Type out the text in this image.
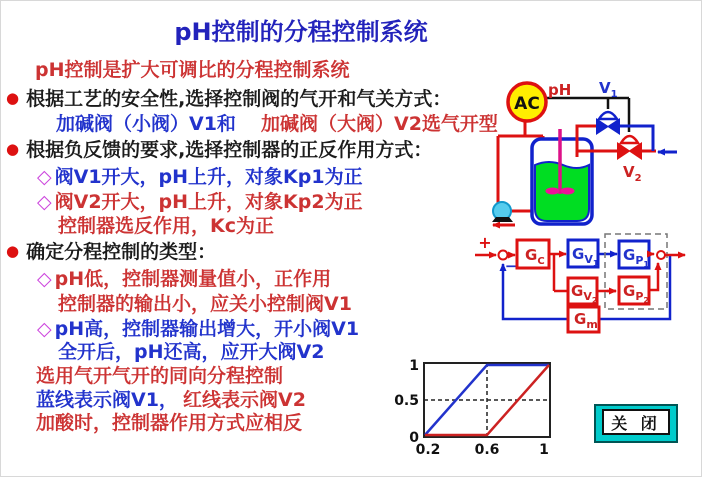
pH控制的分程控制系统
pH控制是扩大可调比的分程控制系统
● 根据工艺的安全性,选择控制阀的气开和气关方式：
加碱阀（小阀）V1和 加碱阀（大阀）V2选气开型
● 根据负反馈的要求,选择控制器的正反作用方式：
◇ 阀V1开大，pH上升，对象Kp1为正
◇ 阀V2开大，pH上升，对象Kp2为正
控制器选反作用，Kc为正
● 确定分程控制的类型：
◇ pH低，控制器测量值小，正作用
控制器的输出小，应关小控制阀V1
◇ pH高，控制器输出增大，开小阀V1
全开后，pH还高，应开大阀V2
选用气开气开的同向分程控制
蓝线表示阀V1， 红线表示阀V2
加酸时，控制器作用方式应相反
AC
pH $V_1$
$V_2$
+
−
$G_C$ $G_{V1}$
$G_{V2}$
$G_{P1}$
$G_{P2}$
$G_m$
1
0.5
0
0.2 0.6	1
关 闭
